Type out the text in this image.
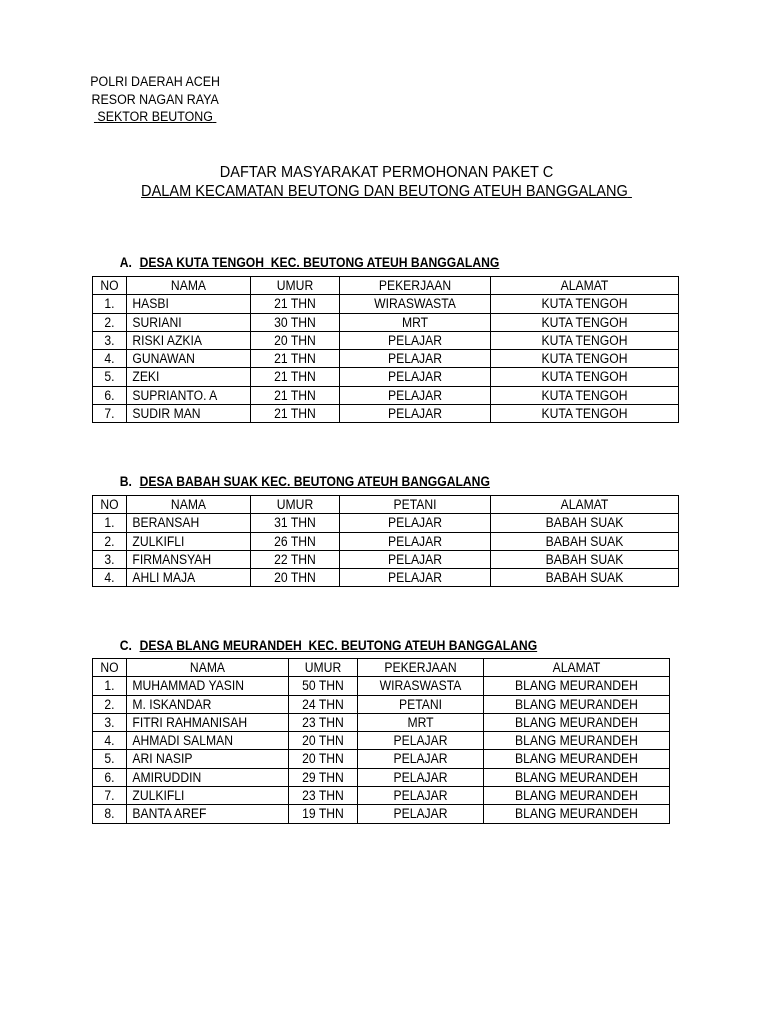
POLRI DAERAH ACEH
RESOR NAGAN RAYA
SEKTOR BEUTONG
DAFTAR MASYARAKAT PERMOHONAN PAKET C
DALAM KECAMATAN BEUTONG DAN BEUTONG ATEUH BANGGALANG

A. DESA KUTA TENGOH  KEC. BEUTONG ATEUH BANGGALANG

NO	NAMA	UMUR	PEKERJAAN	ALAMAT

1.	HASBI	21 THN	WIRASWASTA	KUTA TENGOH

2.	SURIANI	30 THN	MRT	KUTA TENGOH

3.	RISKI AZKIA	20 THN	PELAJAR	KUTA TENGOH

4.	GUNAWAN	21 THN	PELAJAR	KUTA TENGOH

5.	ZEKI	21 THN	PELAJAR	KUTA TENGOH

6.	SUPRIANTO. A	21 THN	PELAJAR	KUTA TENGOH

7.	SUDIR MAN	21 THN	PELAJAR	KUTA TENGOH

B. DESA BABAH SUAK KEC. BEUTONG ATEUH BANGGALANG

NO	NAMA	UMUR	PETANI	ALAMAT

1.	BERANSAH	31 THN	PELAJAR	BABAH SUAK

2.	ZULKIFLI	26 THN	PELAJAR	BABAH SUAK

3.	FIRMANSYAH	22 THN	PELAJAR	BABAH SUAK

4.	AHLI MAJA	20 THN	PELAJAR	BABAH SUAK

C. DESA BLANG MEURANDEH  KEC. BEUTONG ATEUH BANGGALANG

NO	NAMA	UMUR	PEKERJAAN	ALAMAT

1.	MUHAMMAD YASIN	50 THN	WIRASWASTA	BLANG MEURANDEH

2.	M. ISKANDAR	24 THN	PETANI	BLANG MEURANDEH

3.	FITRI RAHMANISAH	23 THN	MRT	BLANG MEURANDEH

4.	AHMADI SALMAN	20 THN	PELAJAR	BLANG MEURANDEH

5.	ARI NASIP	20 THN	PELAJAR	BLANG MEURANDEH

6.	AMIRUDDIN	29 THN	PELAJAR	BLANG MEURANDEH

7.	ZULKIFLI	23 THN	PELAJAR	BLANG MEURANDEH

8.	BANTA AREF	19 THN	PELAJAR	BLANG MEURANDEH
